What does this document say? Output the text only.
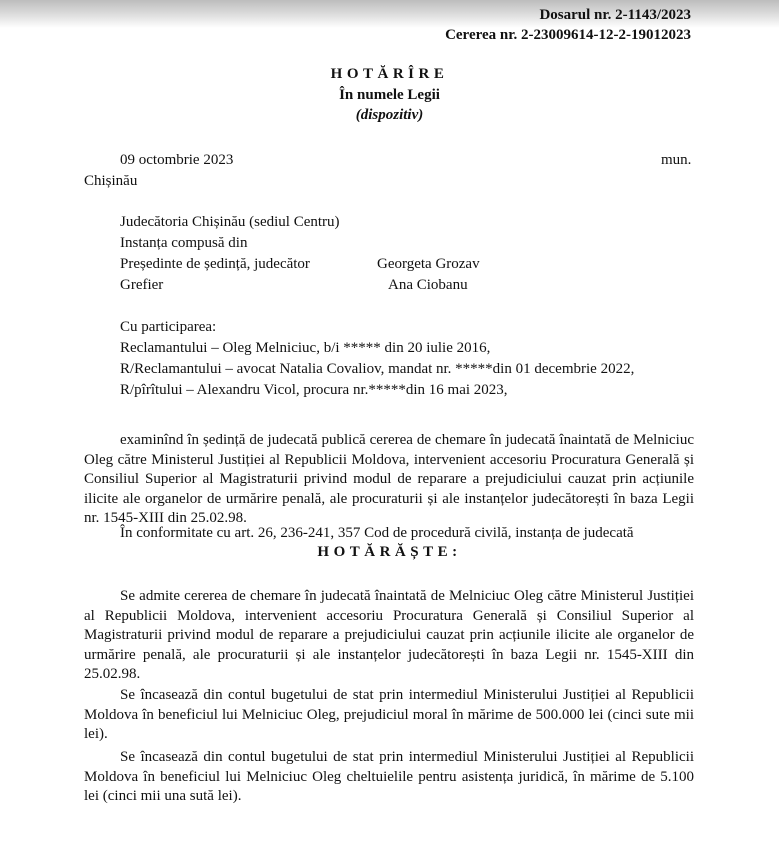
Dosarul nr. 2-1143/2023
Cererea nr. 2-23009614-12-2-19012023
HOTĂRÎRE
În numele Legii
(dispozitiv)
09 octombrie 2023	mun.
Chișinău
Judecătoria Chișinău (sediul Centru)
Instanța compusă din
Președinte de ședință, judecător	Georgeta Grozav
Grefier	Ana Ciobanu
Cu participarea:
Reclamantului – Oleg Melniciuc, b/i ***** din 20 iulie 2016,
R/Reclamantului – avocat Natalia Covaliov, mandat nr. *****din 01 decembrie 2022,
R/pîrîtului – Alexandru Vicol, procura nr.*****din 16 mai 2023,

examinînd în ședință de judecată publică cererea de chemare în judecată înaintată de Melniciuc Oleg către Ministerul Justiției al Republicii Moldova, intervenient accesoriu Procuratura Generală și Consiliul Superior al Magistraturii privind modul de reparare a prejudiciului cauzat prin acțiunile ilicite ale organelor de urmărire penală, ale procuraturii și ale instanțelor judecătorești în baza Legii nr. 1545-XIII din 25.02.98.

În conformitate cu art. 26, 236-241, 357 Cod de procedură civilă, instanța de judecată
HOTĂRĂȘTE:

Se admite cererea de chemare în judecată înaintată de Melniciuc Oleg către Ministerul Justiției al Republicii Moldova, intervenient accesoriu Procuratura Generală și Consiliul Superior al Magistraturii privind modul de reparare a prejudiciului cauzat prin acțiunile ilicite ale organelor de urmărire penală, ale procuraturii și ale instanțelor judecătorești în baza Legii nr. 1545-XIII din 25.02.98.

Se încasează din contul bugetului de stat prin intermediul Ministerului Justiției al Republicii Moldova în beneficiul lui Melniciuc Oleg, prejudiciul moral în mărime de 500.000 lei (cinci sute mii lei).

Se încasează din contul bugetului de stat prin intermediul Ministerului Justiției al Republicii Moldova în beneficiul lui Melniciuc Oleg cheltuielile pentru asistența juridică, în mărime de 5.100 lei (cinci mii una sută lei).
